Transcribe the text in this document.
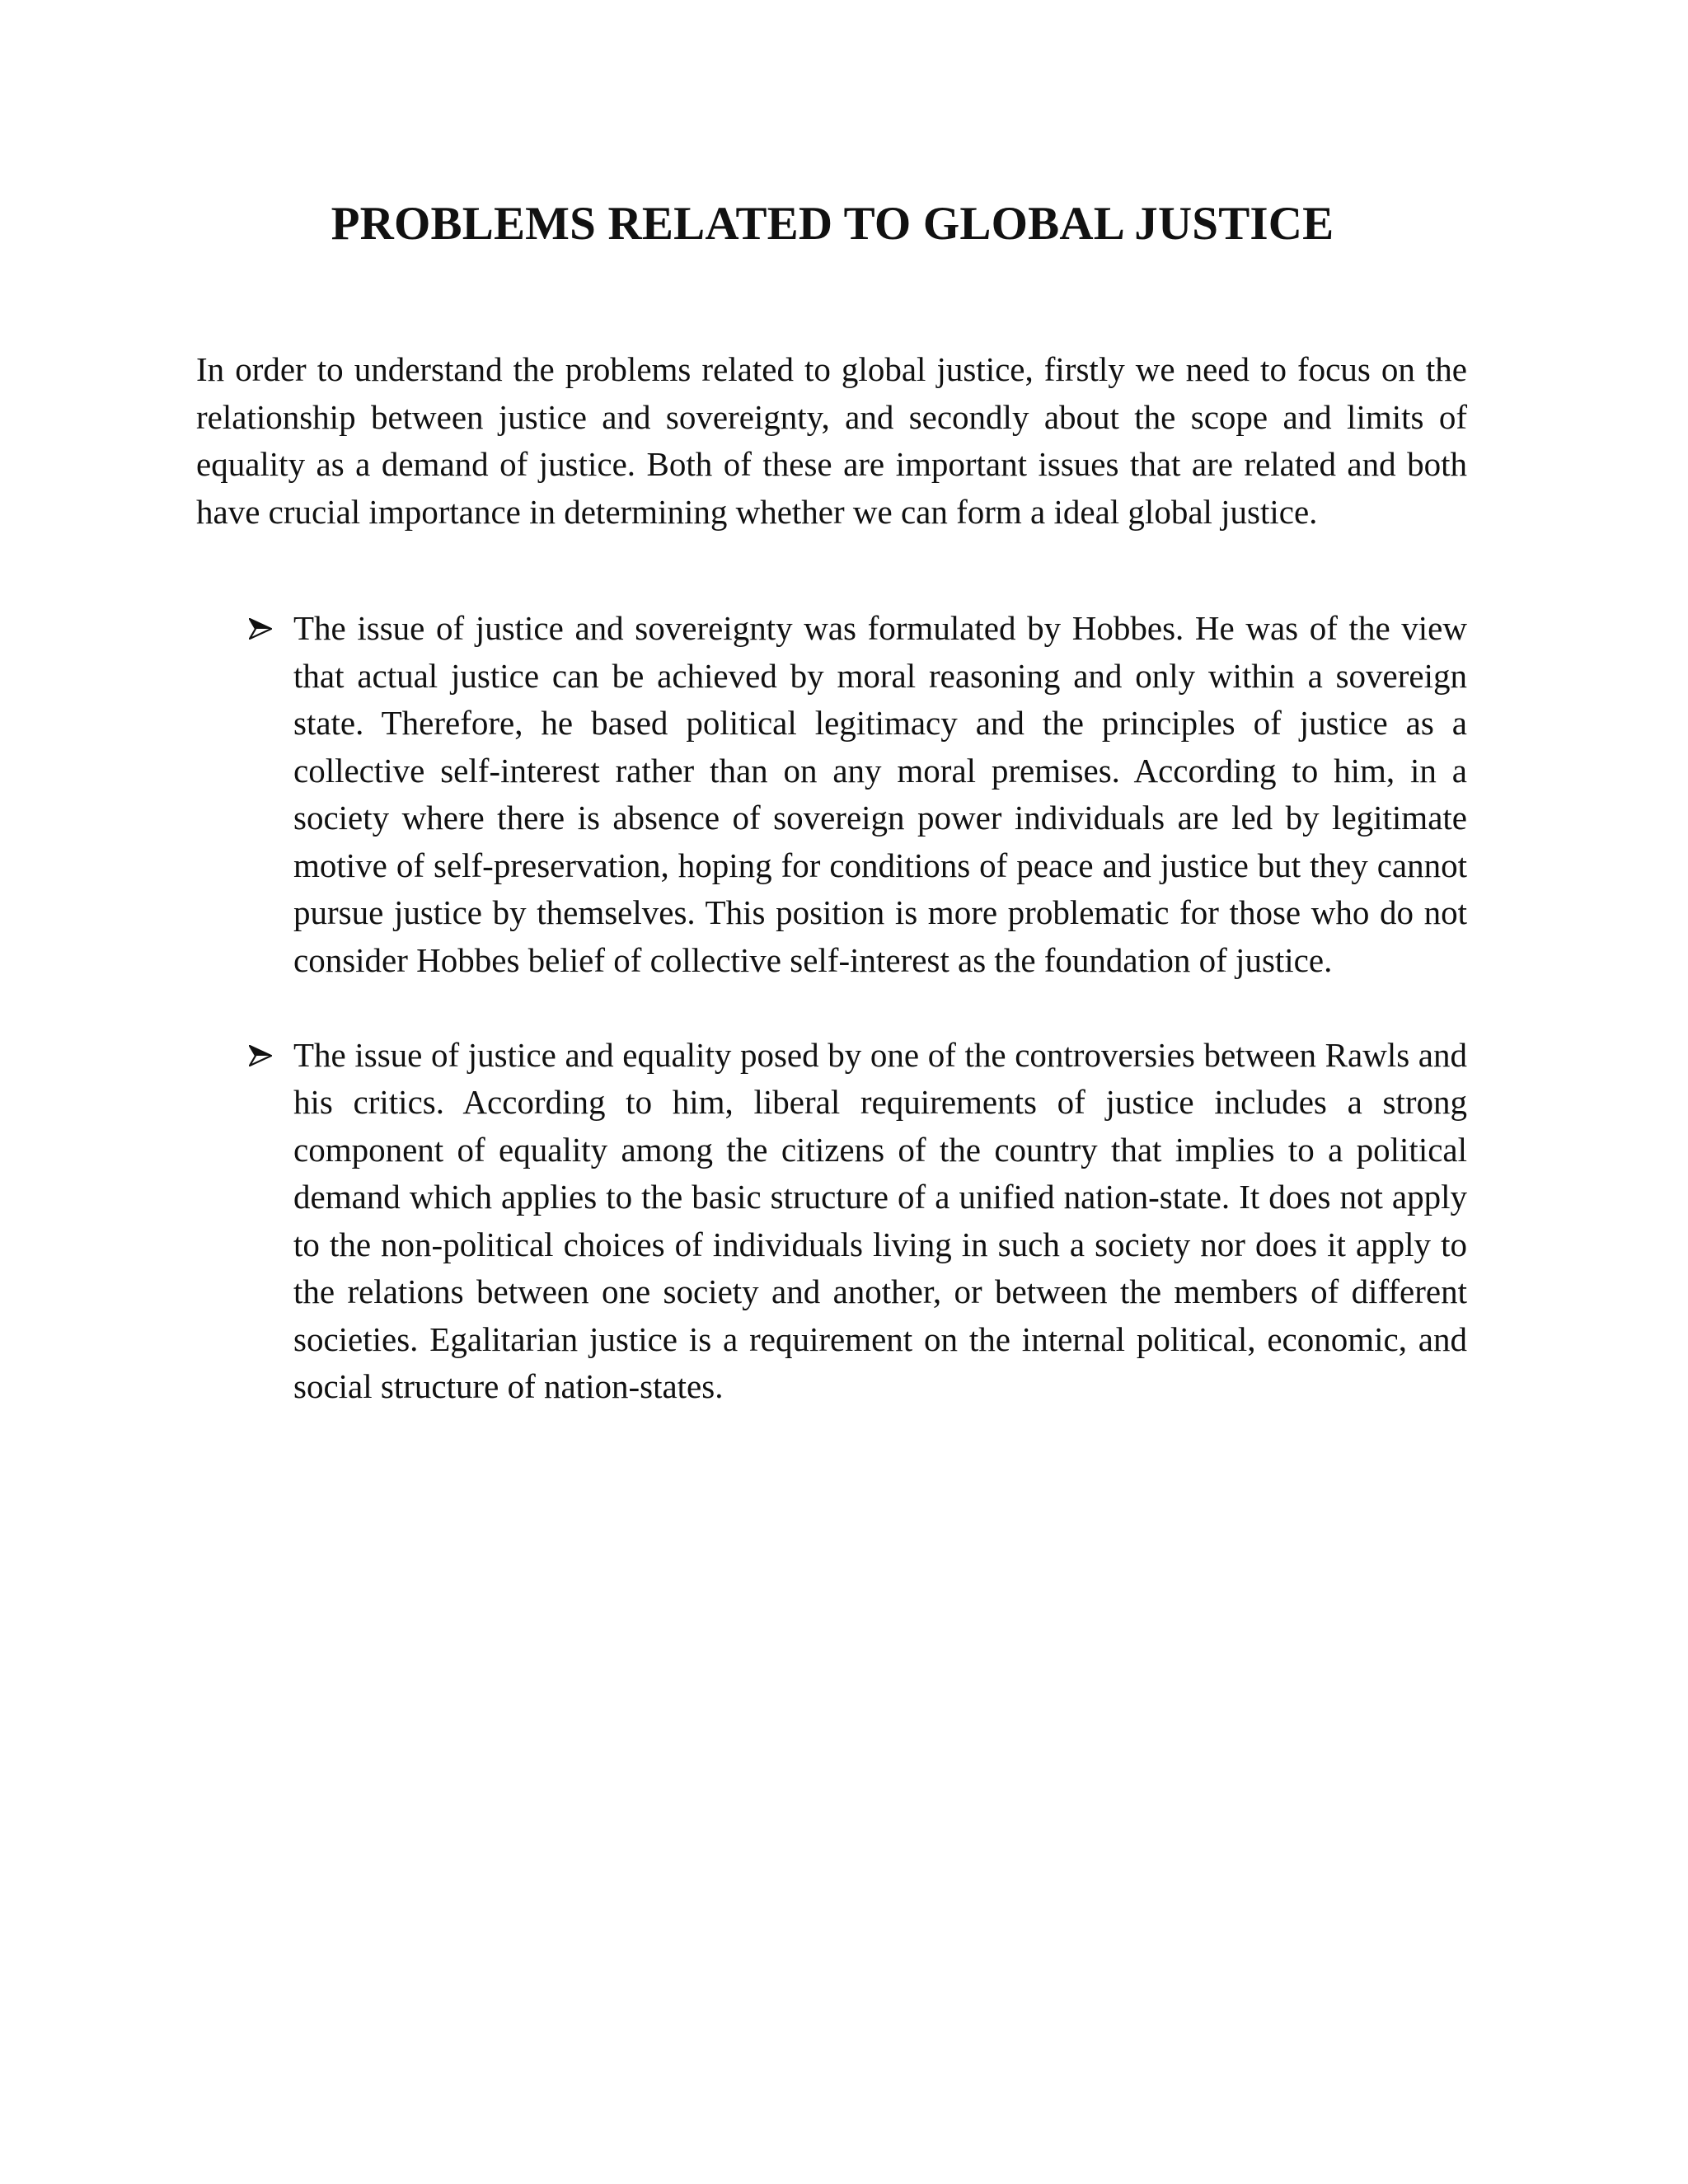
PROBLEMS RELATED TO GLOBAL JUSTICE

In order to understand the problems related to global justice, firstly we need to focus on the relationship between justice and sovereignty, and secondly about the scope and limits of equality as a demand of justice. Both of these are important issues that are related and both have crucial importance in determining whether we can form a ideal global justice.

The issue of justice and sovereignty was formulated by Hobbes. He was of the view that actual justice can be achieved by moral reasoning and only within a sovereign state. Therefore, he based political legitimacy and the principles of justice as a collective self-interest rather than on any moral premises. According to him, in a society where there is absence of sovereign power individuals are led by legitimate motive of self-preservation, hoping for conditions of peace and justice but they cannot pursue justice by themselves. This position is more problematic for those who do not consider Hobbes belief of collective self-interest as the foundation of justice.
The issue of justice and equality posed by one of the controversies between Rawls and his critics. According to him, liberal requirements of justice includes a strong component of equality among the citizens of the country that implies to a political demand which applies to the basic structure of a unified nation-state. It does not apply to the non-political choices of individuals living in such a society nor does it apply to the relations between one society and another, or between the members of different societies. Egalitarian justice is a requirement on the internal political, economic, and social structure of nation-states.
